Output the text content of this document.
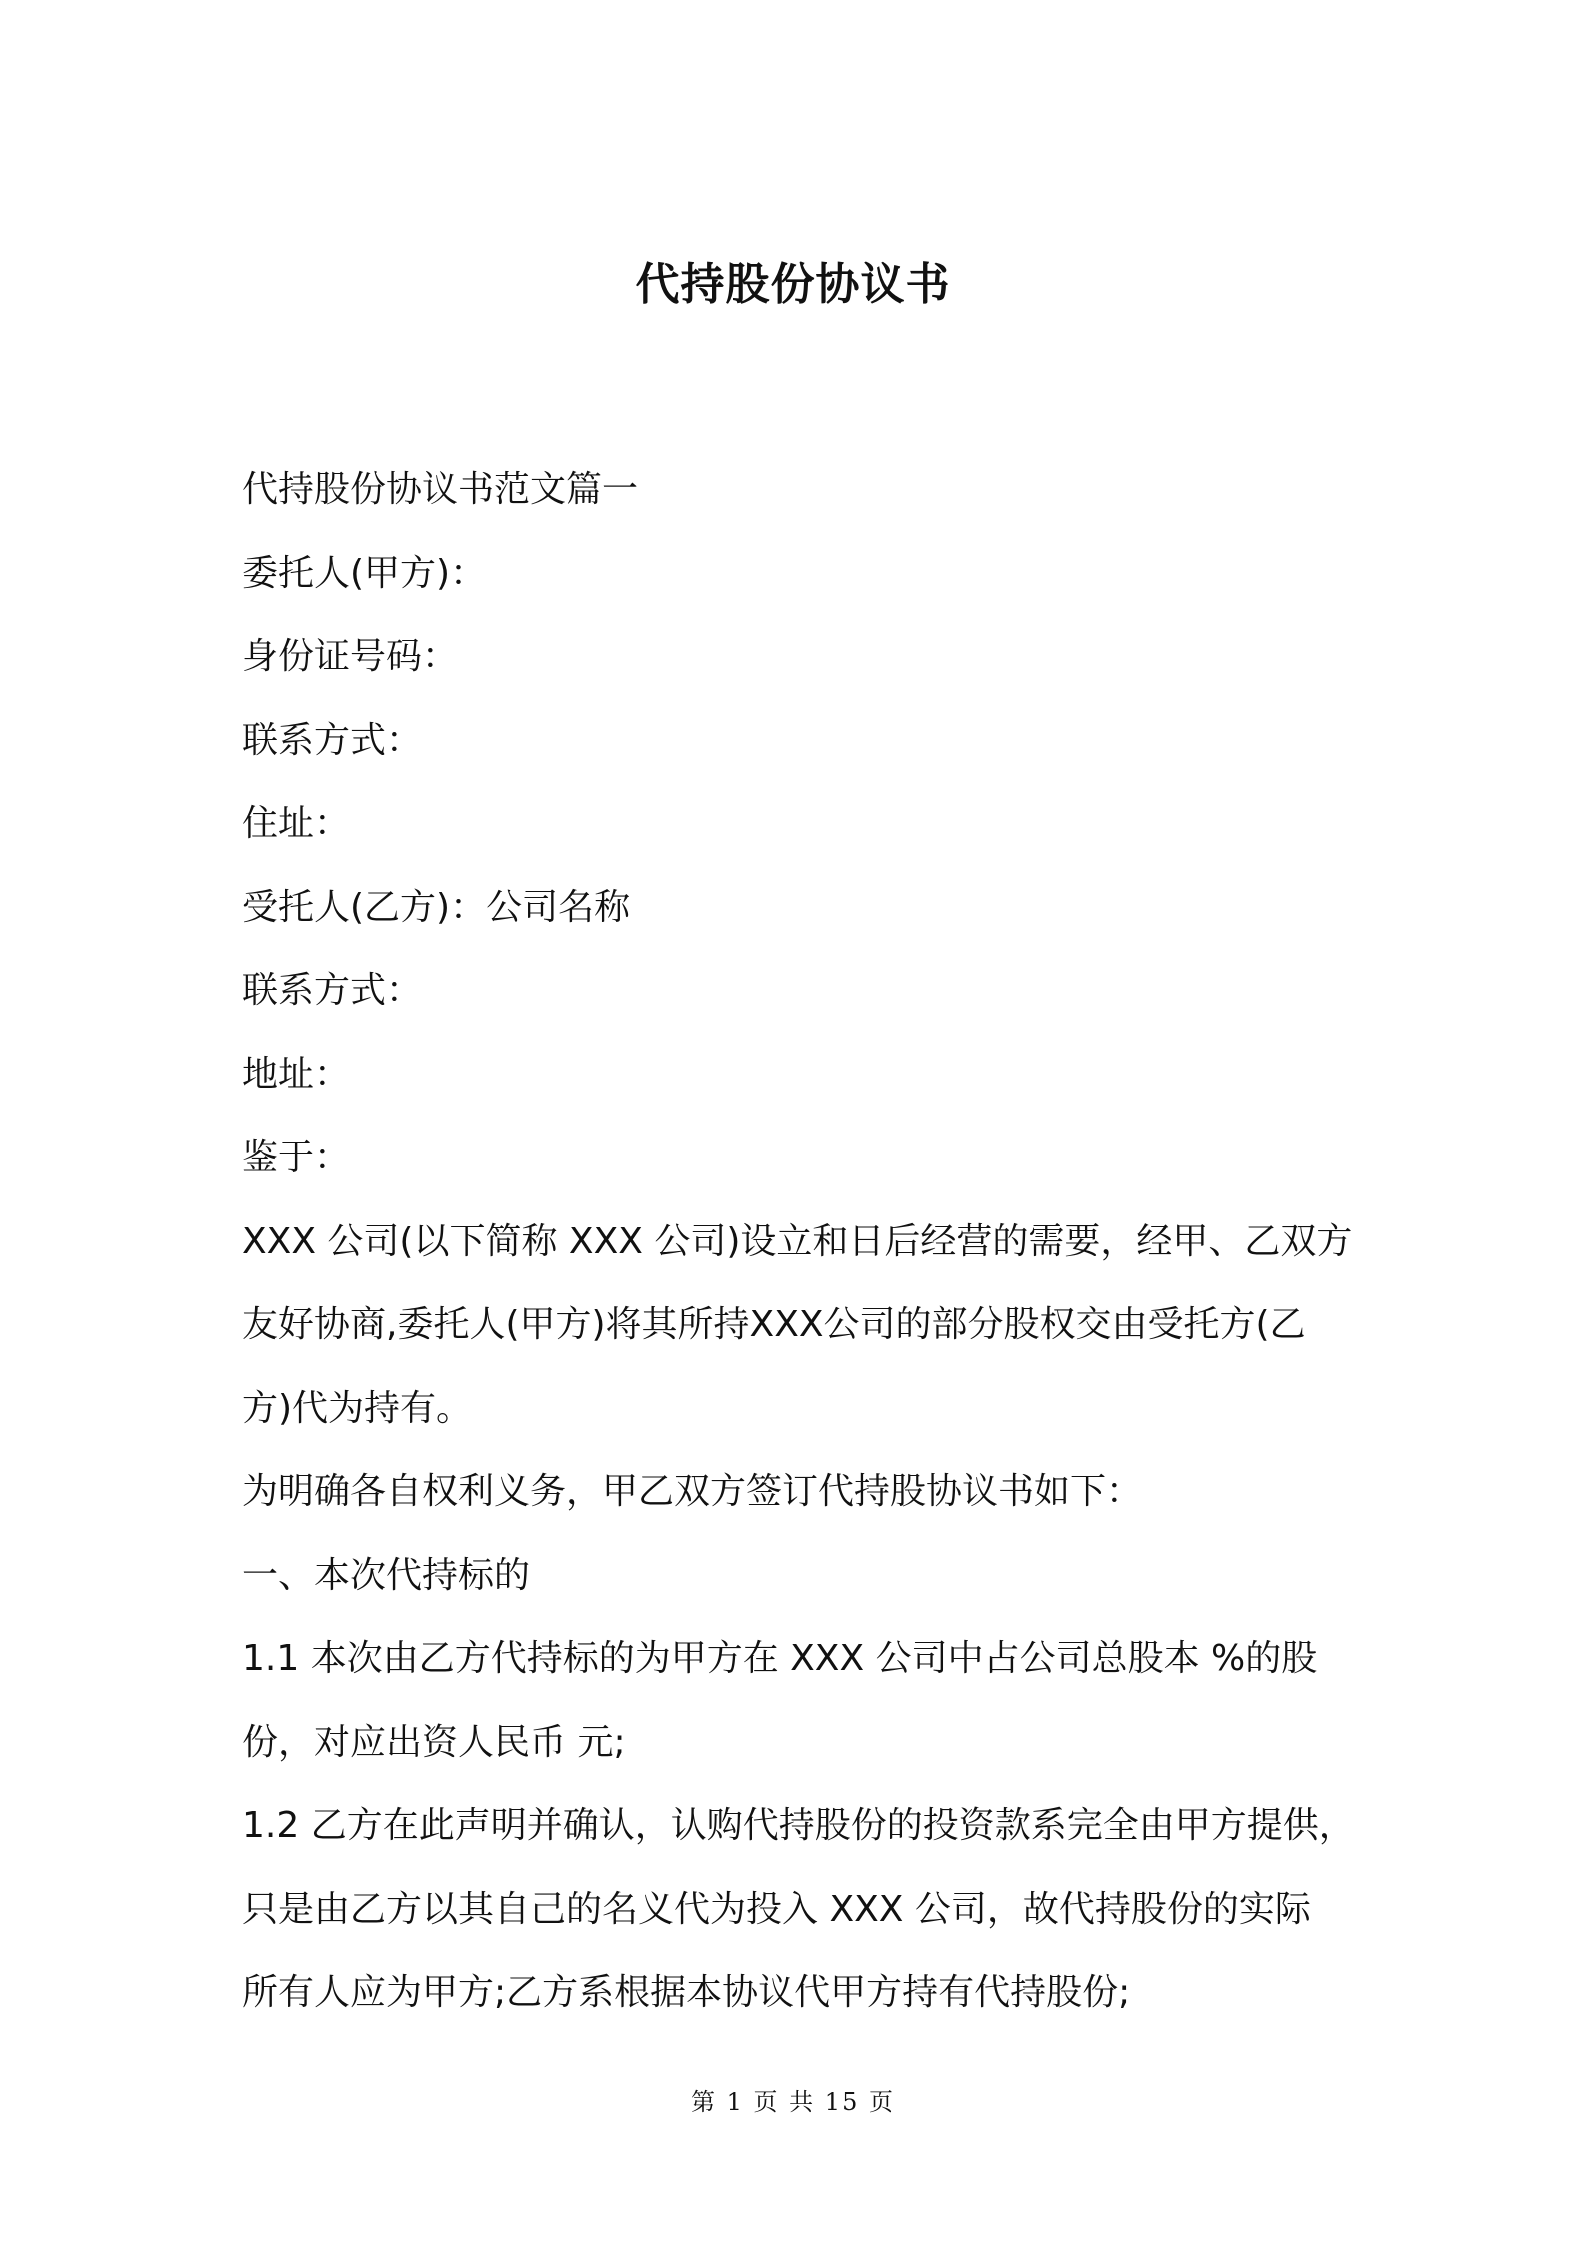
代持股份协议书
代持股份协议书范文篇一
委托人(甲方)：
身份证号码：
联系方式：
住址：
受托人(乙方)：公司名称
联系方式：
地址：
鉴于：
XXX 公司(以下简称 XXX 公司)设立和日后经营的需要，经甲、乙双方
友好协商,委托人(甲方)将其所持XXX公司的部分股权交由受托方(乙
方)代为持有。
为明确各自权利义务，甲乙双方签订代持股协议书如下：
一、本次代持标的
1.1 本次由乙方代持标的为甲方在 XXX 公司中占公司总股本 %的股
份，对应出资人民币 元;
1.2 乙方在此声明并确认，认购代持股份的投资款系完全由甲方提供，
只是由乙方以其自己的名义代为投入 XXX 公司，故代持股份的实际
所有人应为甲方;乙方系根据本协议代甲方持有代持股份;
第 1 页 共 15 页
